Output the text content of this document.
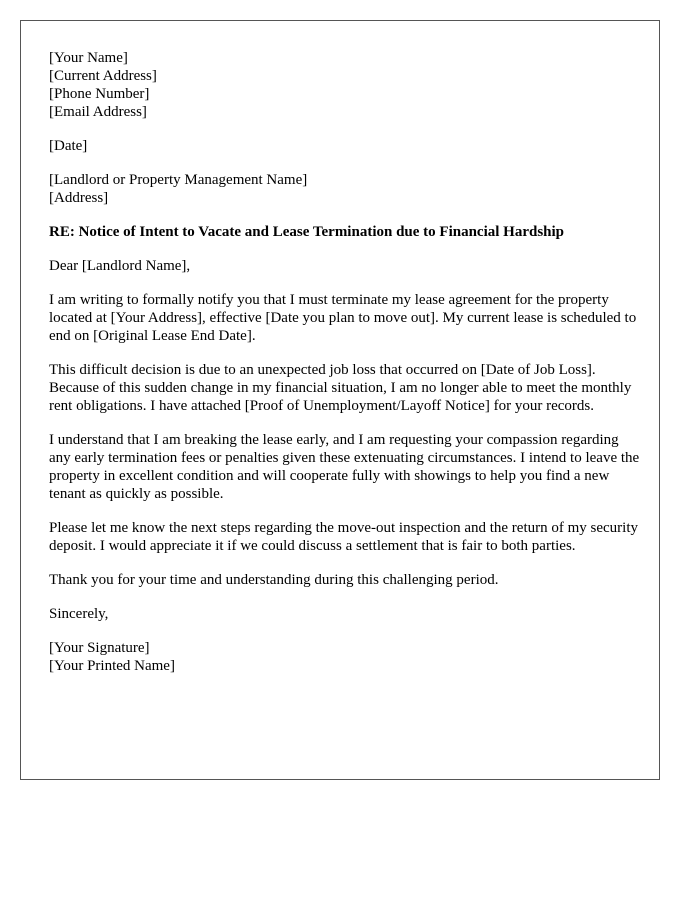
[Your Name]
[Current Address]
[Phone Number]
[Email Address]
[Date]
[Landlord or Property Management Name]
[Address]
RE: Notice of Intent to Vacate and Lease Termination due to Financial Hardship
Dear [Landlord Name],

I am writing to formally notify you that I must terminate my lease agreement for the property located at [Your Address], effective [Date you plan to move out]. My current lease is scheduled to end on [Original Lease End Date].

This difficult decision is due to an unexpected job loss that occurred on [Date of Job Loss]. Because of this sudden change in my financial situation, I am no longer able to meet the monthly rent obligations. I have attached [Proof of Unemployment/Layoff Notice] for your records.

I understand that I am breaking the lease early, and I am requesting your compassion regarding any early termination fees or penalties given these extenuating circumstances. I intend to leave the property in excellent condition and will cooperate fully with showings to help you find a new tenant as quickly as possible.

Please let me know the next steps regarding the move-out inspection and the return of my security deposit. I would appreciate it if we could discuss a settlement that is fair to both parties.

Thank you for your time and understanding during this challenging period.

Sincerely,
[Your Signature]
[Your Printed Name]
